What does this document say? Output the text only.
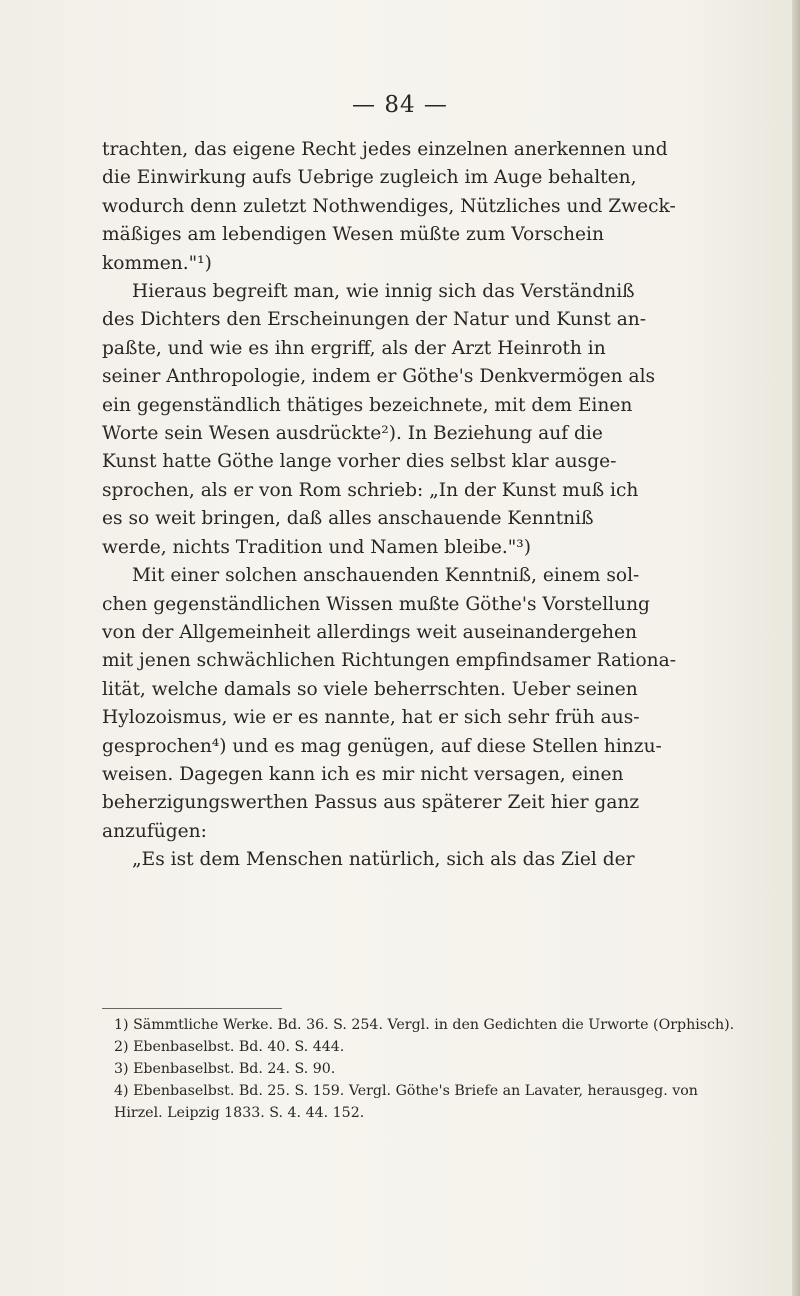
— 84 —

trachten, das eigene Recht jedes einzelnen anerkennen und
die Einwirkung aufs Uebrige zugleich im Auge behalten,
wodurch denn zuletzt Nothwendiges, Nützliches und Zweck-
mäßiges am lebendigen Wesen müßte zum Vorschein
kommen."¹)

Hieraus begreift man, wie innig sich das Verständniß
des Dichters den Erscheinungen der Natur und Kunst an-
paßte, und wie es ihn ergriff, als der Arzt Heinroth in
seiner Anthropologie, indem er Göthe's Denkvermögen als
ein gegenständlich thätiges bezeichnete, mit dem Einen
Worte sein Wesen ausdrückte²). In Beziehung auf die
Kunst hatte Göthe lange vorher dies selbst klar ausge-
sprochen, als er von Rom schrieb: „In der Kunst muß ich
es so weit bringen, daß alles anschauende Kenntniß
werde, nichts Tradition und Namen bleibe."³)

Mit einer solchen anschauenden Kenntniß, einem sol-
chen gegenständlichen Wissen mußte Göthe's Vorstellung
von der Allgemeinheit allerdings weit auseinandergehen
mit jenen schwächlichen Richtungen empfindsamer Rationa-
lität, welche damals so viele beherrschten. Ueber seinen
Hylozoismus, wie er es nannte, hat er sich sehr früh aus-
gesprochen⁴) und es mag genügen, auf diese Stellen hinzu-
weisen. Dagegen kann ich es mir nicht versagen, einen
beherzigungswerthen Passus aus späterer Zeit hier ganz
anzufügen:

„Es ist dem Menschen natürlich, sich als das Ziel der

1) Sämmtliche Werke. Bd. 36. S. 254. Vergl. in den Gedichten die Urworte (Orphisch).

2) Ebenbaselbst. Bd. 40. S. 444.

3) Ebenbaselbst. Bd. 24. S. 90.

4) Ebenbaselbst. Bd. 25. S. 159. Vergl. Göthe's Briefe an Lavater, herausgeg. von Hirzel. Leipzig 1833. S. 4. 44. 152.
